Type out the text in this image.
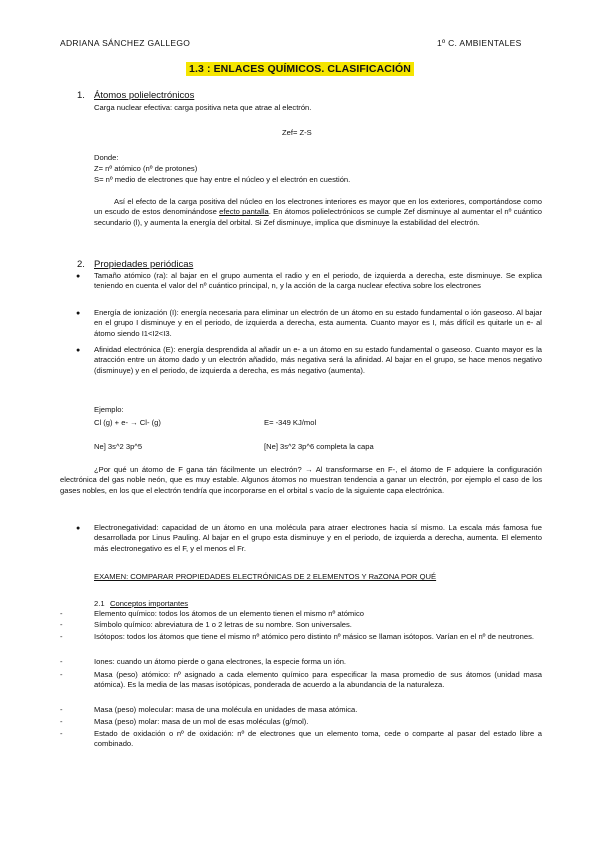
ADRIANA SÁNCHEZ GALLEGO	1º C. AMBIENTALES
1.3 : ENLACES QUÍMICOS. CLASIFICACIÓN
1. Átomos polielectrónicos
Carga nuclear efectiva: carga positiva neta que atrae al electrón.
Zef= Z-S
Donde:
Z= nº atómico (nº de protones)
S= nº medio de electrones que hay entre el núcleo y el electrón en cuestión.
Así el efecto de la carga positiva del núcleo en los electrones interiores es mayor que en los exteriores, comportándose como un escudo de estos denominándose efecto pantalla. En átomos polielectrónicos se cumple Zef disminuye al aumentar el nº cuántico secundario (l), y aumenta la energía del orbital. Si Zef disminuye, implica que disminuye la estabilidad del electrón.
2. Propiedades periódicas
● Tamaño atómico (ra): al bajar en el grupo aumenta el radio y en el periodo, de izquierda a derecha, este disminuye. Se explica teniendo en cuenta el valor del nº cuántico principal, n, y la acción de la carga nuclear efectiva sobre los electrones
● Energía de ionización (I): energía necesaria para eliminar un electrón de un átomo en su estado fundamental o ión gaseoso. Al bajar en el grupo I disminuye y en el periodo, de izquierda a derecha, esta aumenta. Cuanto mayor es I, más difícil es quitarle un e- al átomo siendo I1<I2<I3.
● Afinidad electrónica (E): energía desprendida al añadir un e- a un átomo en su estado fundamental o gaseoso. Cuanto mayor es la atracción entre un átomo dado y un electrón añadido, más negativa será la afinidad. Al bajar en el grupo, se hace menos negativo (disminuye) y en el periodo, de izquierda a derecha, es más negativo (aumenta).
Ejemplo:
Cl (g) + e- → Cl- (g)	E= -349 KJ/mol
Ne] 3s^2 3p^5	[Ne] 3s^2 3p^6 completa la capa
¿Por qué un átomo de F gana tán fácilmente un electrón? → Al transformarse en F-, el átomo de F adquiere la configuración electrónica del gas noble neón, que es muy estable. Algunos átomos no muestran tendencia a ganar un electrón, por ejemplo el caso de los gases nobles, en los que el electrón tendría que incorporarse en el orbital s vacío de la siguiente capa electrónica.
● Electronegatividad: capacidad de un átomo en una molécula para atraer electrones hacia sí mismo. La escala más famosa fue desarrollada por Linus Pauling. Al bajar en el grupo esta disminuye y en el periodo, de izquierda a derecha, aumenta. El elemento más electronegativo es el F, y el menos el Fr.
EXAMEN: COMPARAR PROPIEDADES ELECTRÓNICAS DE 2 ELEMENTOS Y RaZONA POR QUÉ
2.1 Conceptos importantes
-	Elemento químico: todos los átomos de un elemento tienen el mismo nº atómico
-	Símbolo químico: abreviatura de 1 o 2 letras de su nombre. Son universales.
-	Isótopos: todos los átomos que tiene el mismo nº atómico pero distinto nº másico se llaman isótopos. Varían en el nº de neutrones.
-	Iones: cuando un átomo pierde o gana electrones, la especie forma un ión.
-	Masa (peso) atómico: nº asignado a cada elemento químico para especificar la masa promedio de sus átomos (unidad masa atómica). Es la media de las masas isotópicas, ponderada de acuerdo a la abundancia de la naturaleza.
-	Masa (peso) molecular: masa de una molécula en unidades de masa atómica.
-	Masa (peso) molar: masa de un mol de esas moléculas (g/mol).
-	Estado de oxidación o nº de oxidación: nº de electrones que un elemento toma, cede o comparte al pasar del estado libre a combinado.
